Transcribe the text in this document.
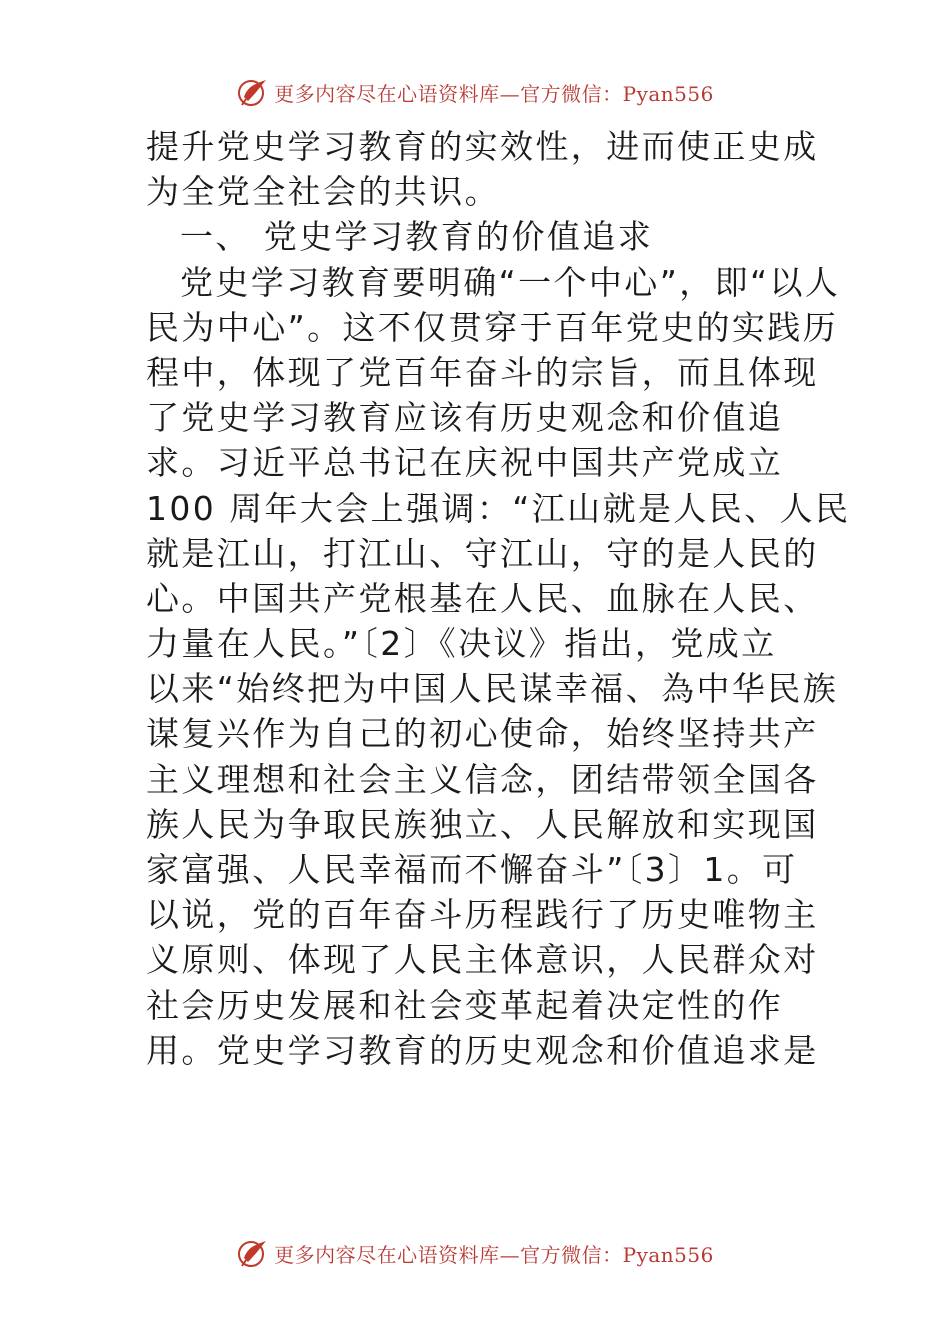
更多内容尽在心语资料库—官方微信：Pyan556
提升党史学习教育的实效性，进而使正史成
为全党全社会的共识。
一、 党史学习教育的价值追求
党史学习教育要明确“一个中心”，即“以人
民为中心”。这不仅贯穿于百年党史的实践历
程中，体现了党百年奋斗的宗旨，而且体现
了党史学习教育应该有历史观念和价值追
求。习近平总书记在庆祝中国共产党成立
100 周年大会上强调：“江山就是人民、人民
就是江山，打江山、守江山，守的是人民的
心。中国共产党根基在人民、血脉在人民、
力量在人民。”〔2〕《决议》指出，党成立
以来“始终把为中国人民谋幸福、為中华民族
谋复兴作为自己的初心使命，始终坚持共产
主义理想和社会主义信念，团结带领全国各
族人民为争取民族独立、人民解放和实现国
家富强、人民幸福而不懈奋斗”〔3〕1。可
以说，党的百年奋斗历程践行了历史唯物主
义原则、体现了人民主体意识，人民群众对
社会历史发展和社会变革起着决定性的作
用。党史学习教育的历史观念和价值追求是
更多内容尽在心语资料库—官方微信：Pyan556
